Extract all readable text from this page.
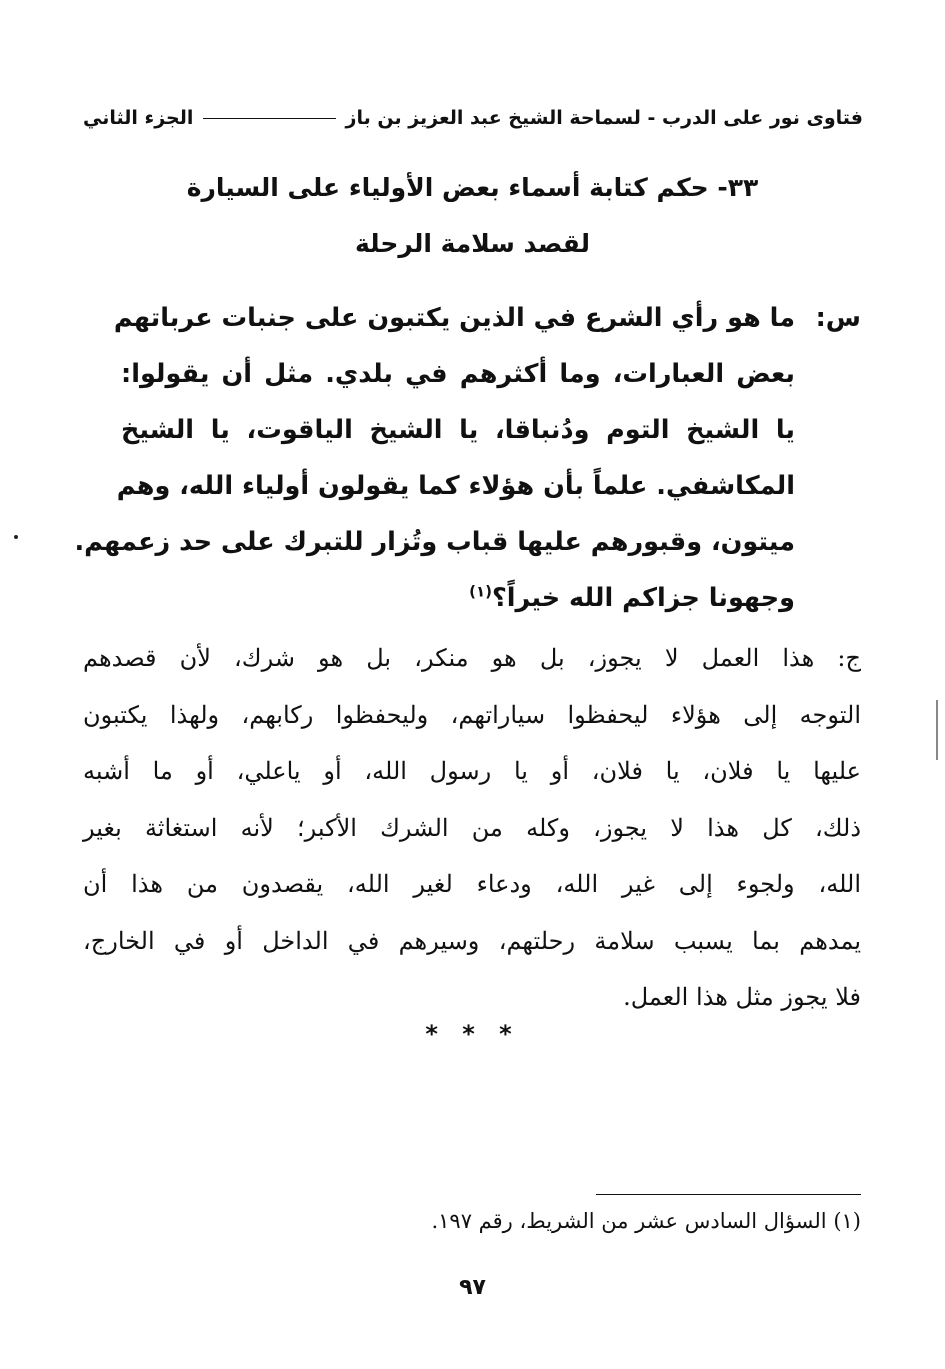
فتاوى نور على الدرب - لسماحة الشيخ عبد العزيز بن باز
الجزء الثاني
٣٣- حكم كتابة أسماء بعض الأولياء على السيارة
لقصد سلامة الرحلة
س:
ما هو رأي الشرع في الذين يكتبون على جنبات عرباتهم
بعض العبارات، وما أكثرهم في بلدي. مثل أن يقولوا:
يا الشيخ التوم ودُنباقا، يا الشيخ الياقوت، يا الشيخ
المكاشفي. علماً بأن هؤلاء كما يقولون أولياء الله، وهم
ميتون، وقبورهم عليها قباب وتُزار للتبرك على حد زعمهم.
وجهونا جزاكم الله خيراً؟$^{(١)}$
ج: هذا العمل لا يجوز، بل هو منكر، بل هو شرك، لأن قصدهم
التوجه إلى هؤلاء ليحفظوا سياراتهم، وليحفظوا ركابهم، ولهذا يكتبون
عليها يا فلان، يا فلان، أو يا رسول الله، أو ياعلي، أو ما أشبه
ذلك، كل هذا لا يجوز، وكله من الشرك الأكبر؛ لأنه استغاثة بغير
الله، ولجوء إلى غير الله، ودعاء لغير الله، يقصدون من هذا أن
يمدهم بما يسبب سلامة رحلتهم، وسيرهم في الداخل أو في الخارج،
فلا يجوز مثل هذا العمل.
* * *
(١) السؤال السادس عشر من الشريط، رقم ١٩٧.
٩٧
